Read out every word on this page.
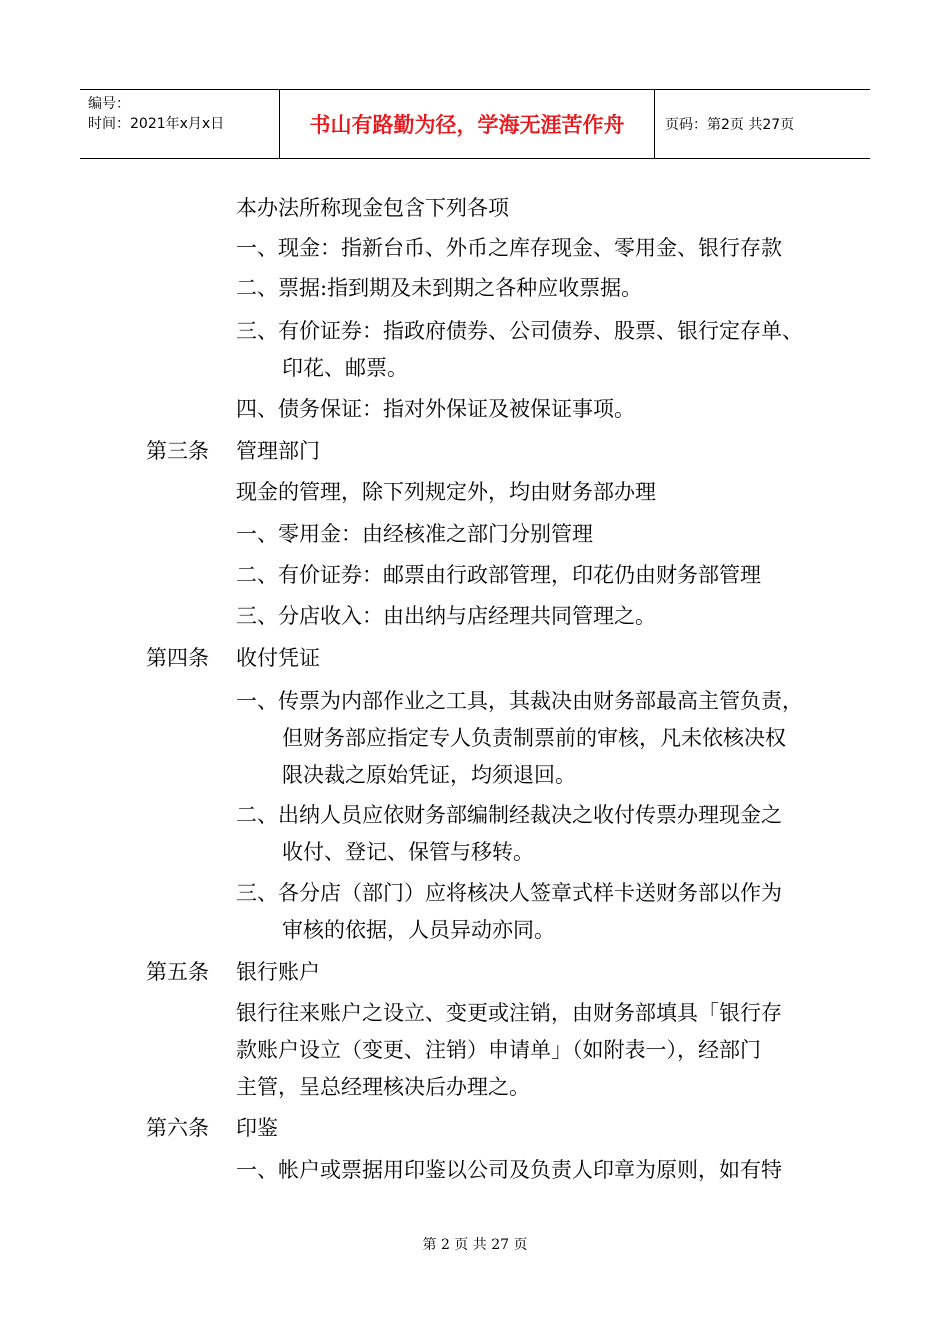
编号：
时间：2021年x月x日	书山有路勤为径，学海无涯苦作舟	页码：第2页 共27页
本办法所称现金包含下列各项
一、现金：指新台币、外币之库存现金、零用金、银行存款
二、票据:指到期及未到期之各种应收票据。
三、有价证券：指政府债券、公司债券、股票、银行定存单、
印花、邮票。
四、债务保证：指对外保证及被保证事项。
第三条 管理部门
现金的管理，除下列规定外，均由财务部办理
一、零用金：由经核准之部门分别管理
二、有价证券：邮票由行政部管理，印花仍由财务部管理
三、分店收入：由出纳与店经理共同管理之。
第四条 收付凭证
一、传票为内部作业之工具，其裁决由财务部最高主管负责，
但财务部应指定专人负责制票前的审核，凡未依核决权
限决裁之原始凭证，均须退回。
二、出纳人员应依财务部编制经裁决之收付传票办理现金之
收付、登记、保管与移转。
三、各分店（部门）应将核决人签章式样卡送财务部以作为
审核的依据，人员异动亦同。
第五条 银行账户
银行往来账户之设立、变更或注销，由财务部填具「银行存
款账户设立（变更、注销）申请单」（如附表一），经部门
主管，呈总经理核决后办理之。
第六条 印鉴
一、帐户或票据用印鉴以公司及负责人印章为原则，如有特
第 2 页 共 27 页
